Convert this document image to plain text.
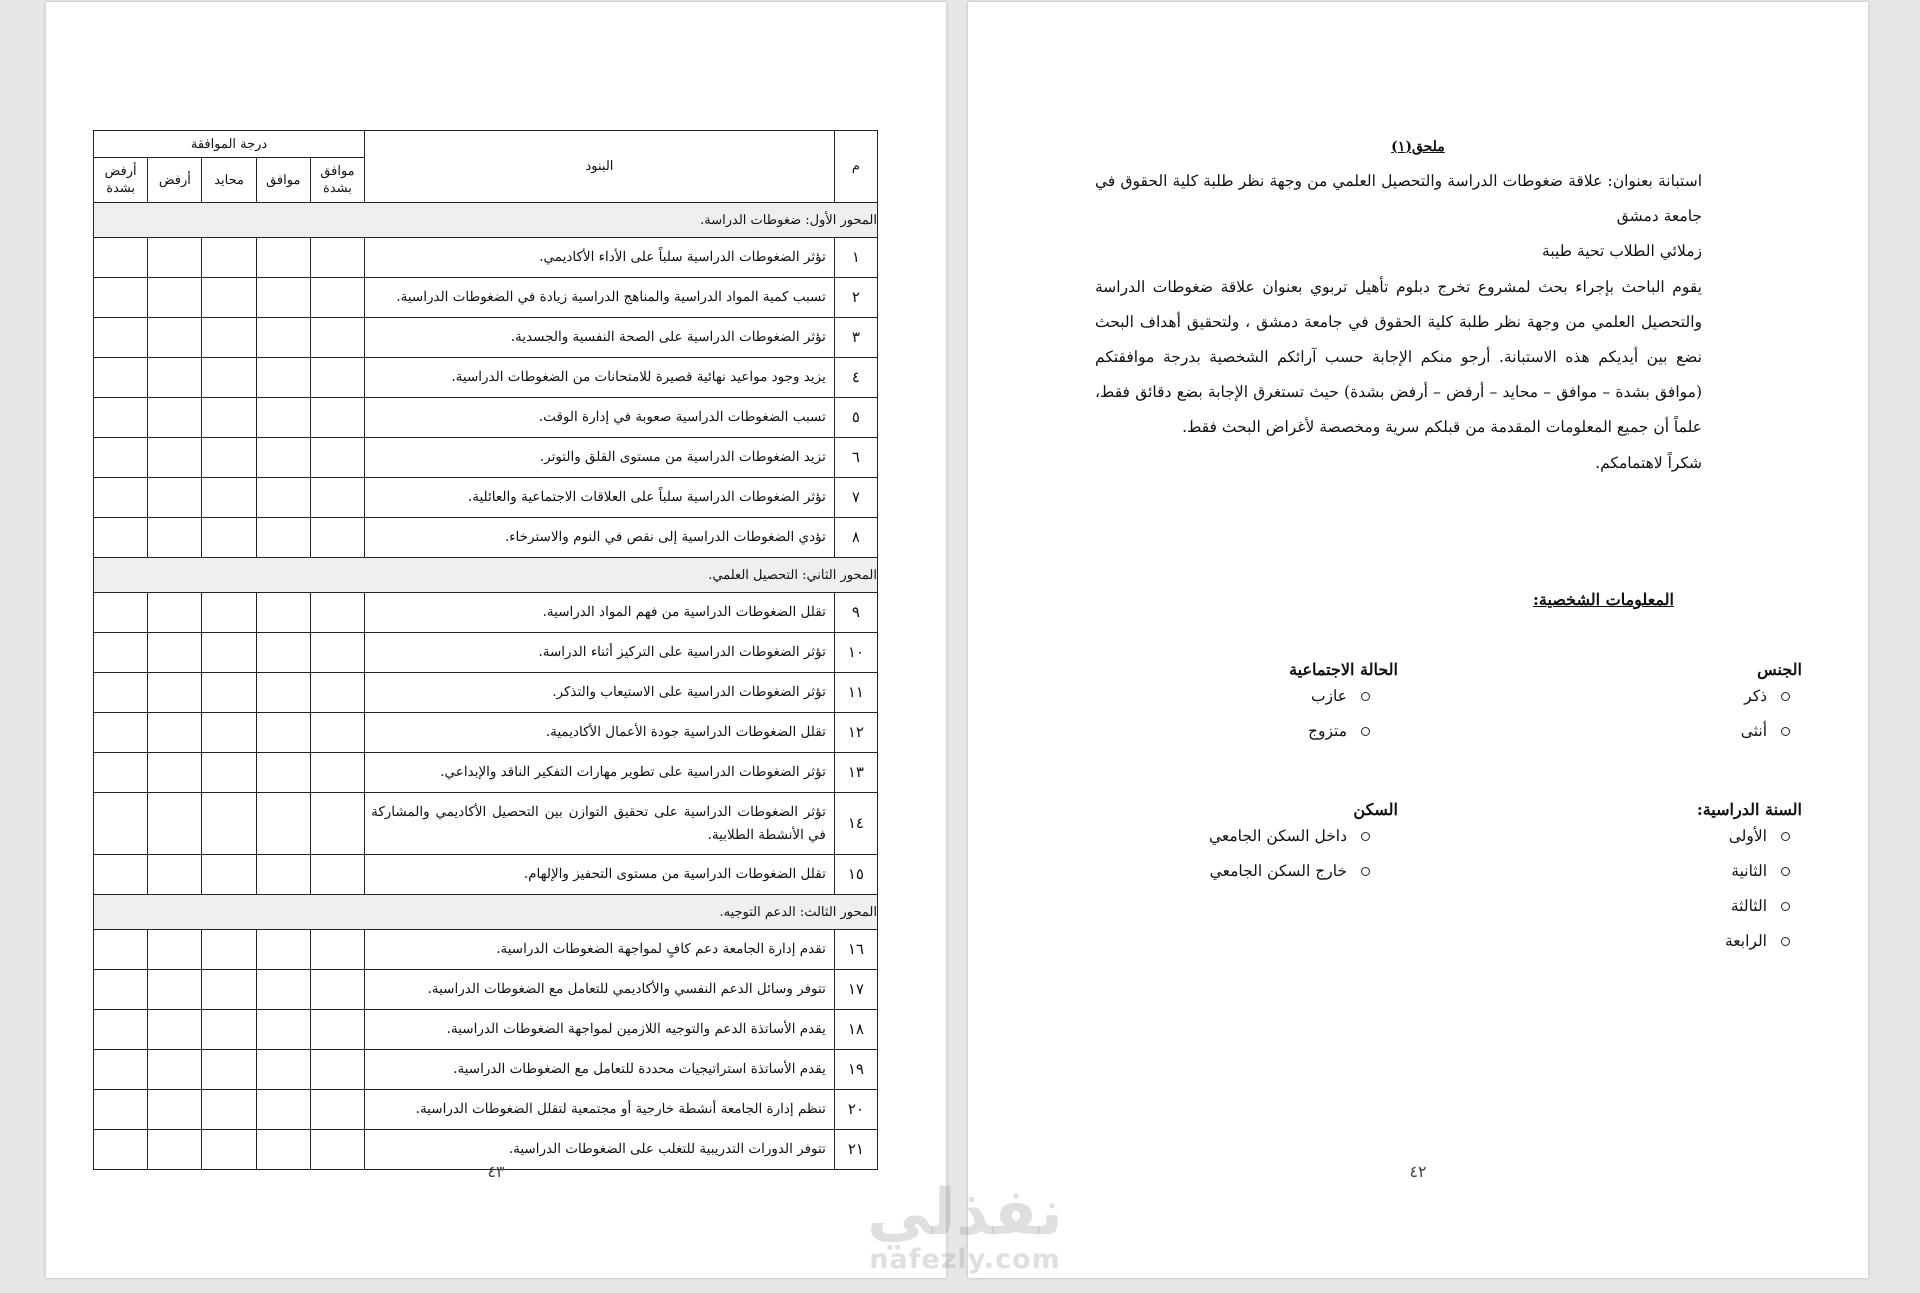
م	البنود	درجة الموافقة				
		موافق بشدة	موافق	محايد	أرفض	أرفض بشدة
المحور الأول: ضغوطات الدراسة.						
١	تؤثر الضغوطات الدراسية سلباً على الأداء الأكاديمي.					
٢	تسبب كمية المواد الدراسية والمناهج الدراسية زيادة في الضغوطات الدراسية.					
٣	تؤثر الضغوطات الدراسية على الصحة النفسية والجسدية.					
٤	يزيد وجود مواعيد نهائية قصيرة للامتحانات من الضغوطات الدراسية.					
٥	تسبب الضغوطات الدراسية صعوبة في إدارة الوقت.					
٦	تزيد الضغوطات الدراسية من مستوى القلق والتوتر.					
٧	تؤثر الضغوطات الدراسية سلباً على العلاقات الاجتماعية والعائلية.					
٨	تؤدي الضغوطات الدراسية إلى نقص في النوم والاسترخاء.					
المحور الثاني: التحصيل العلمي.						
٩	تقلل الضغوطات الدراسية من فهم المواد الدراسية.					
١٠	تؤثر الضغوطات الدراسية على التركيز أثناء الدراسة.					
١١	تؤثر الضغوطات الدراسية على الاستيعاب والتذكر.					
١٢	تقلل الضغوطات الدراسية جودة الأعمال الأكاديمية.					
١٣	تؤثر الضغوطات الدراسية على تطوير مهارات التفكير الناقد والإبداعي.					
١٤	تؤثر الضغوطات الدراسية على تحقيق التوازن بين التحصيل الأكاديمي والمشاركة في الأنشطة الطلابية.					
١٥	تقلل الضغوطات الدراسية من مستوى التحفيز والإلهام.					
المحور الثالث: الدعم التوجيه.						
١٦	تقدم إدارة الجامعة دعم كافٍ لمواجهة الضغوطات الدراسية.					
١٧	تتوفر وسائل الدعم النفسي والأكاديمي للتعامل مع الضغوطات الدراسية.					
١٨	يقدم الأساتذة الدعم والتوجيه اللازمين لمواجهة الضغوطات الدراسية.					
١٩	يقدم الأساتذة استراتيجيات محددة للتعامل مع الضغوطات الدراسية.					
٢٠	تنظم إدارة الجامعة أنشطة خارجية أو مجتمعية لتقلل الضغوطات الدراسية.					
٢١	تتوفر الدورات التدريبية للتغلب على الضغوطات الدراسية.					
٤٣
ملحق(١)

استبانة بعنوان: علاقة ضغوطات الدراسة والتحصيل العلمي من وجهة نظر طلبة كلية الحقوق في جامعة دمشق

زملائي الطلاب تحية طيبة

يقوم الباحث بإجراء بحث لمشروع تخرج دبلوم تأهيل تربوي بعنوان علاقة ضغوطات الدراسة والتحصيل العلمي من وجهة نظر طلبة كلية الحقوق في جامعة دمشق ، ولتحقيق أهداف البحث نضع بين أيديكم هذه الاستبانة. أرجو منكم الإجابة حسب آرائكم الشخصية بدرجة موافقتكم (موافق بشدة – موافق – محايد – أرفض – أرفض بشدة) حيث تستغرق الإجابة بضع دقائق فقط، علماً أن جميع المعلومات المقدمة من قبلكم سرية ومخصصة لأغراض البحث فقط.

شكراً لاهتمامكم.

المعلومات الشخصية:
الجنس
ذكر
أنثى
الحالة الاجتماعية
عازب
متزوج
السنة الدراسية:
الأولى
الثانية
الثالثة
الرابعة
السكن
داخل السكن الجامعي
خارج السكن الجامعي
٤٢
نفذلي
nafezly.com
